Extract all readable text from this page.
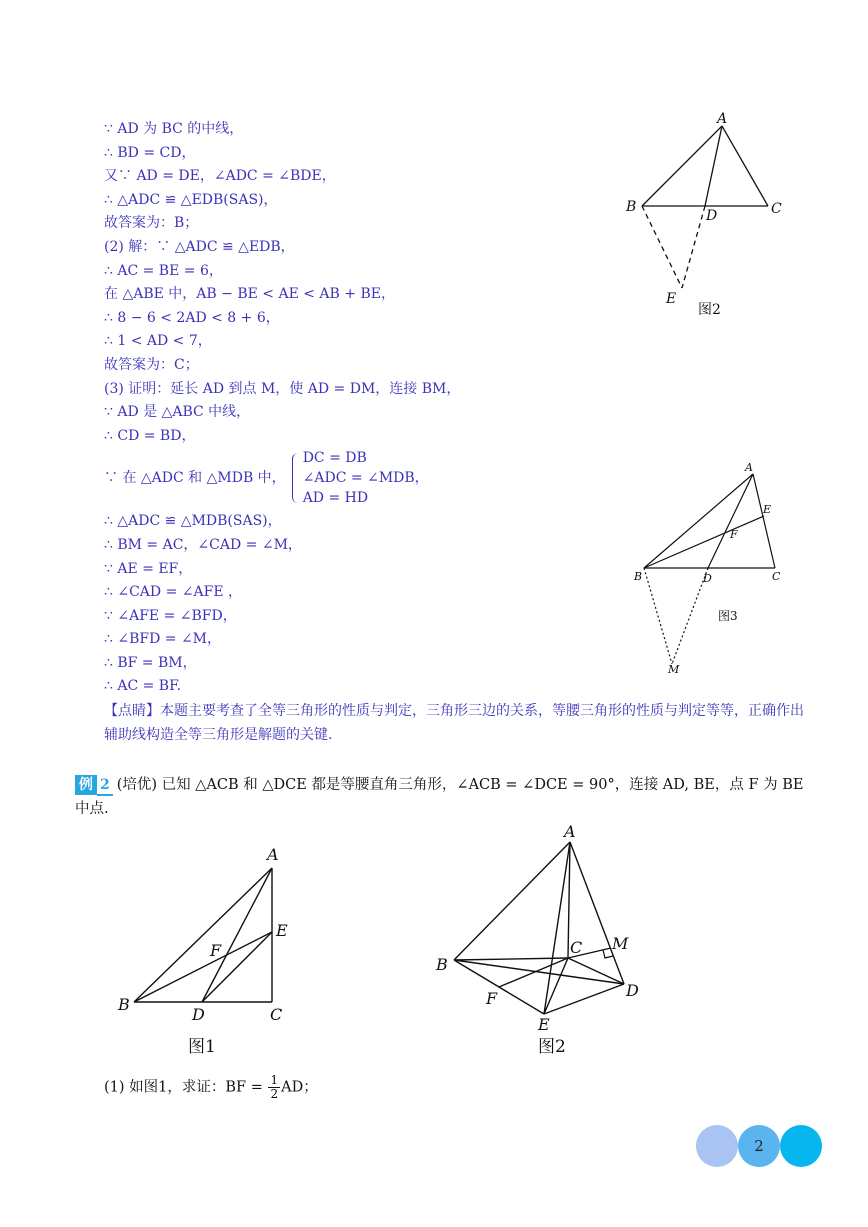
∵ AD 为 BC 的中线，
∴ BD = CD，
又∵ AD = DE，∠ADC = ∠BDE，
∴ △ADC ≌ △EDB(SAS)，
故答案为：B；
(2) 解：∵ △ADC ≌ △EDB，
∴ AC = BE = 6，
在 △ABE 中，AB − BE < AE < AB + BE，
∴ 8 − 6 < 2AD < 8 + 6，
∴ 1 < AD < 7，
故答案为：C；
(3) 证明：延长 AD 到点 M，使 AD = DM，连接 BM，
∵ AD 是 △ABC 中线，
∴ CD = BD，
∵ 在 △ADC 和 △MDB 中，
DC = DB
∠ADC = ∠MDB，
AD = HD
∴ △ADC ≌ △MDB(SAS)，
∴ BM = AC，∠CAD = ∠M，
∵ AE = EF，
∴ ∠CAD = ∠AFE ，
∵ ∠AFE = ∠BFD，
∴ ∠BFD = ∠M，
∴ BF = BM，
∴ AC = BF.
【点睛】本题主要考查了全等三角形的性质与判定，三角形三边的关系，等腰三角形的性质与判定等等，正确作出辅助线构造全等三角形是解题的关键.
A
B	C
D
E
图2
A
E
F
B	D	C
M
图3
例 2 (培优) 已知 △ACB 和 △DCE 都是等腰直角三角形，∠ACB = ∠DCE = 90°，连接 AD, BE，点 F 为 BE 中点.
A
E
F
B
D	C
图1
A
M
C
B
D
F
E
图2
(1) 如图1，求证：BF = $\frac{1}{2}$ AD；
2
